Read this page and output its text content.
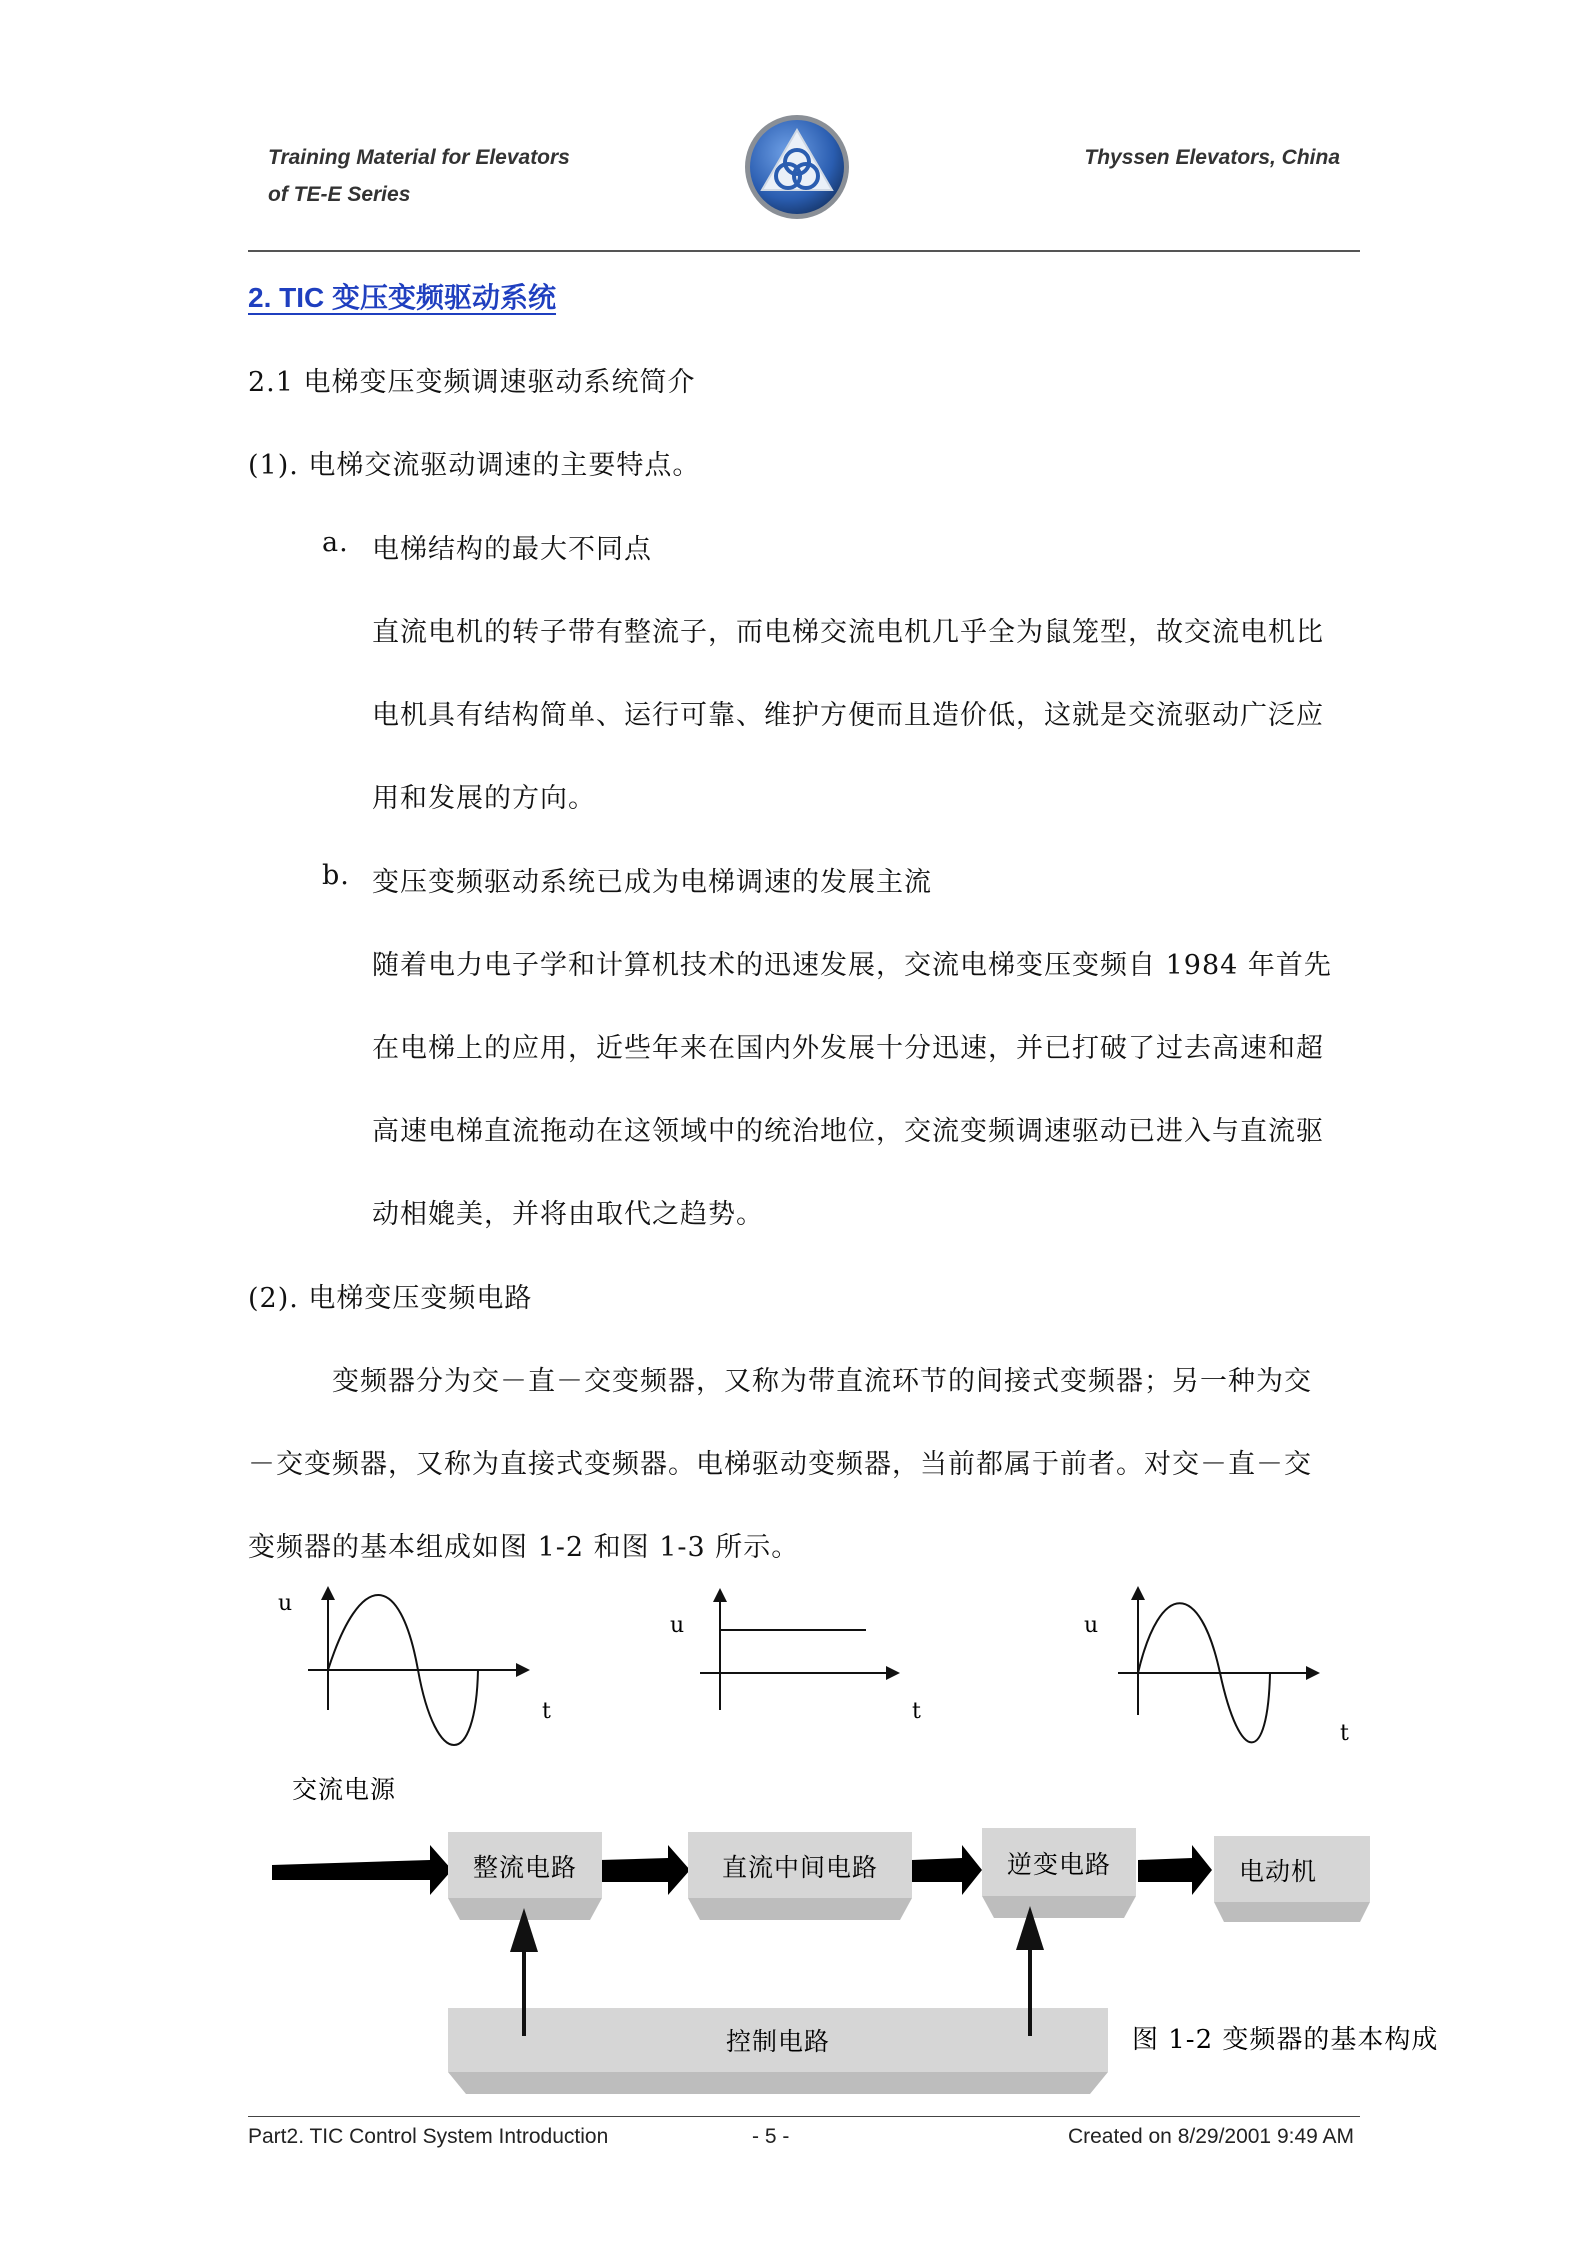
Training Material for Elevators
of TE-E Series
Thyssen Elevators, China
2. TIC 变压变频驱动系统
2.1 电梯变压变频调速驱动系统简介
(1). 电梯交流驱动调速的主要特点。
a. 电梯结构的最大不同点
直流电机的转子带有整流子，而电梯交流电机几乎全为鼠笼型，故交流电机比
电机具有结构简单、运行可靠、维护方便而且造价低，这就是交流驱动广泛应
用和发展的方向。
b. 变压变频驱动系统已成为电梯调速的发展主流
随着电力电子学和计算机技术的迅速发展，交流电梯变压变频自 1984 年首先
在电梯上的应用，近些年来在国内外发展十分迅速，并已打破了过去高速和超
高速电梯直流拖动在这领域中的统治地位，交流变频调速驱动已进入与直流驱
动相媲美，并将由取代之趋势。
(2). 电梯变压变频电路
变频器分为交－直－交变频器，又称为带直流环节的间接式变频器；另一种为交
－交变频器，又称为直接式变频器。电梯驱动变频器，当前都属于前者。对交－直－交
变频器的基本组成如图 1-2 和图 1-3 所示。
u
t
u
t
u
t
交流电源
整流电路	直流中间电路	逆变电路	电动机
控制电路	图 1-2 变频器的基本构成
Part2. TIC Control System Introduction	- 5 -	Created on 8/29/2001 9:49 AM
